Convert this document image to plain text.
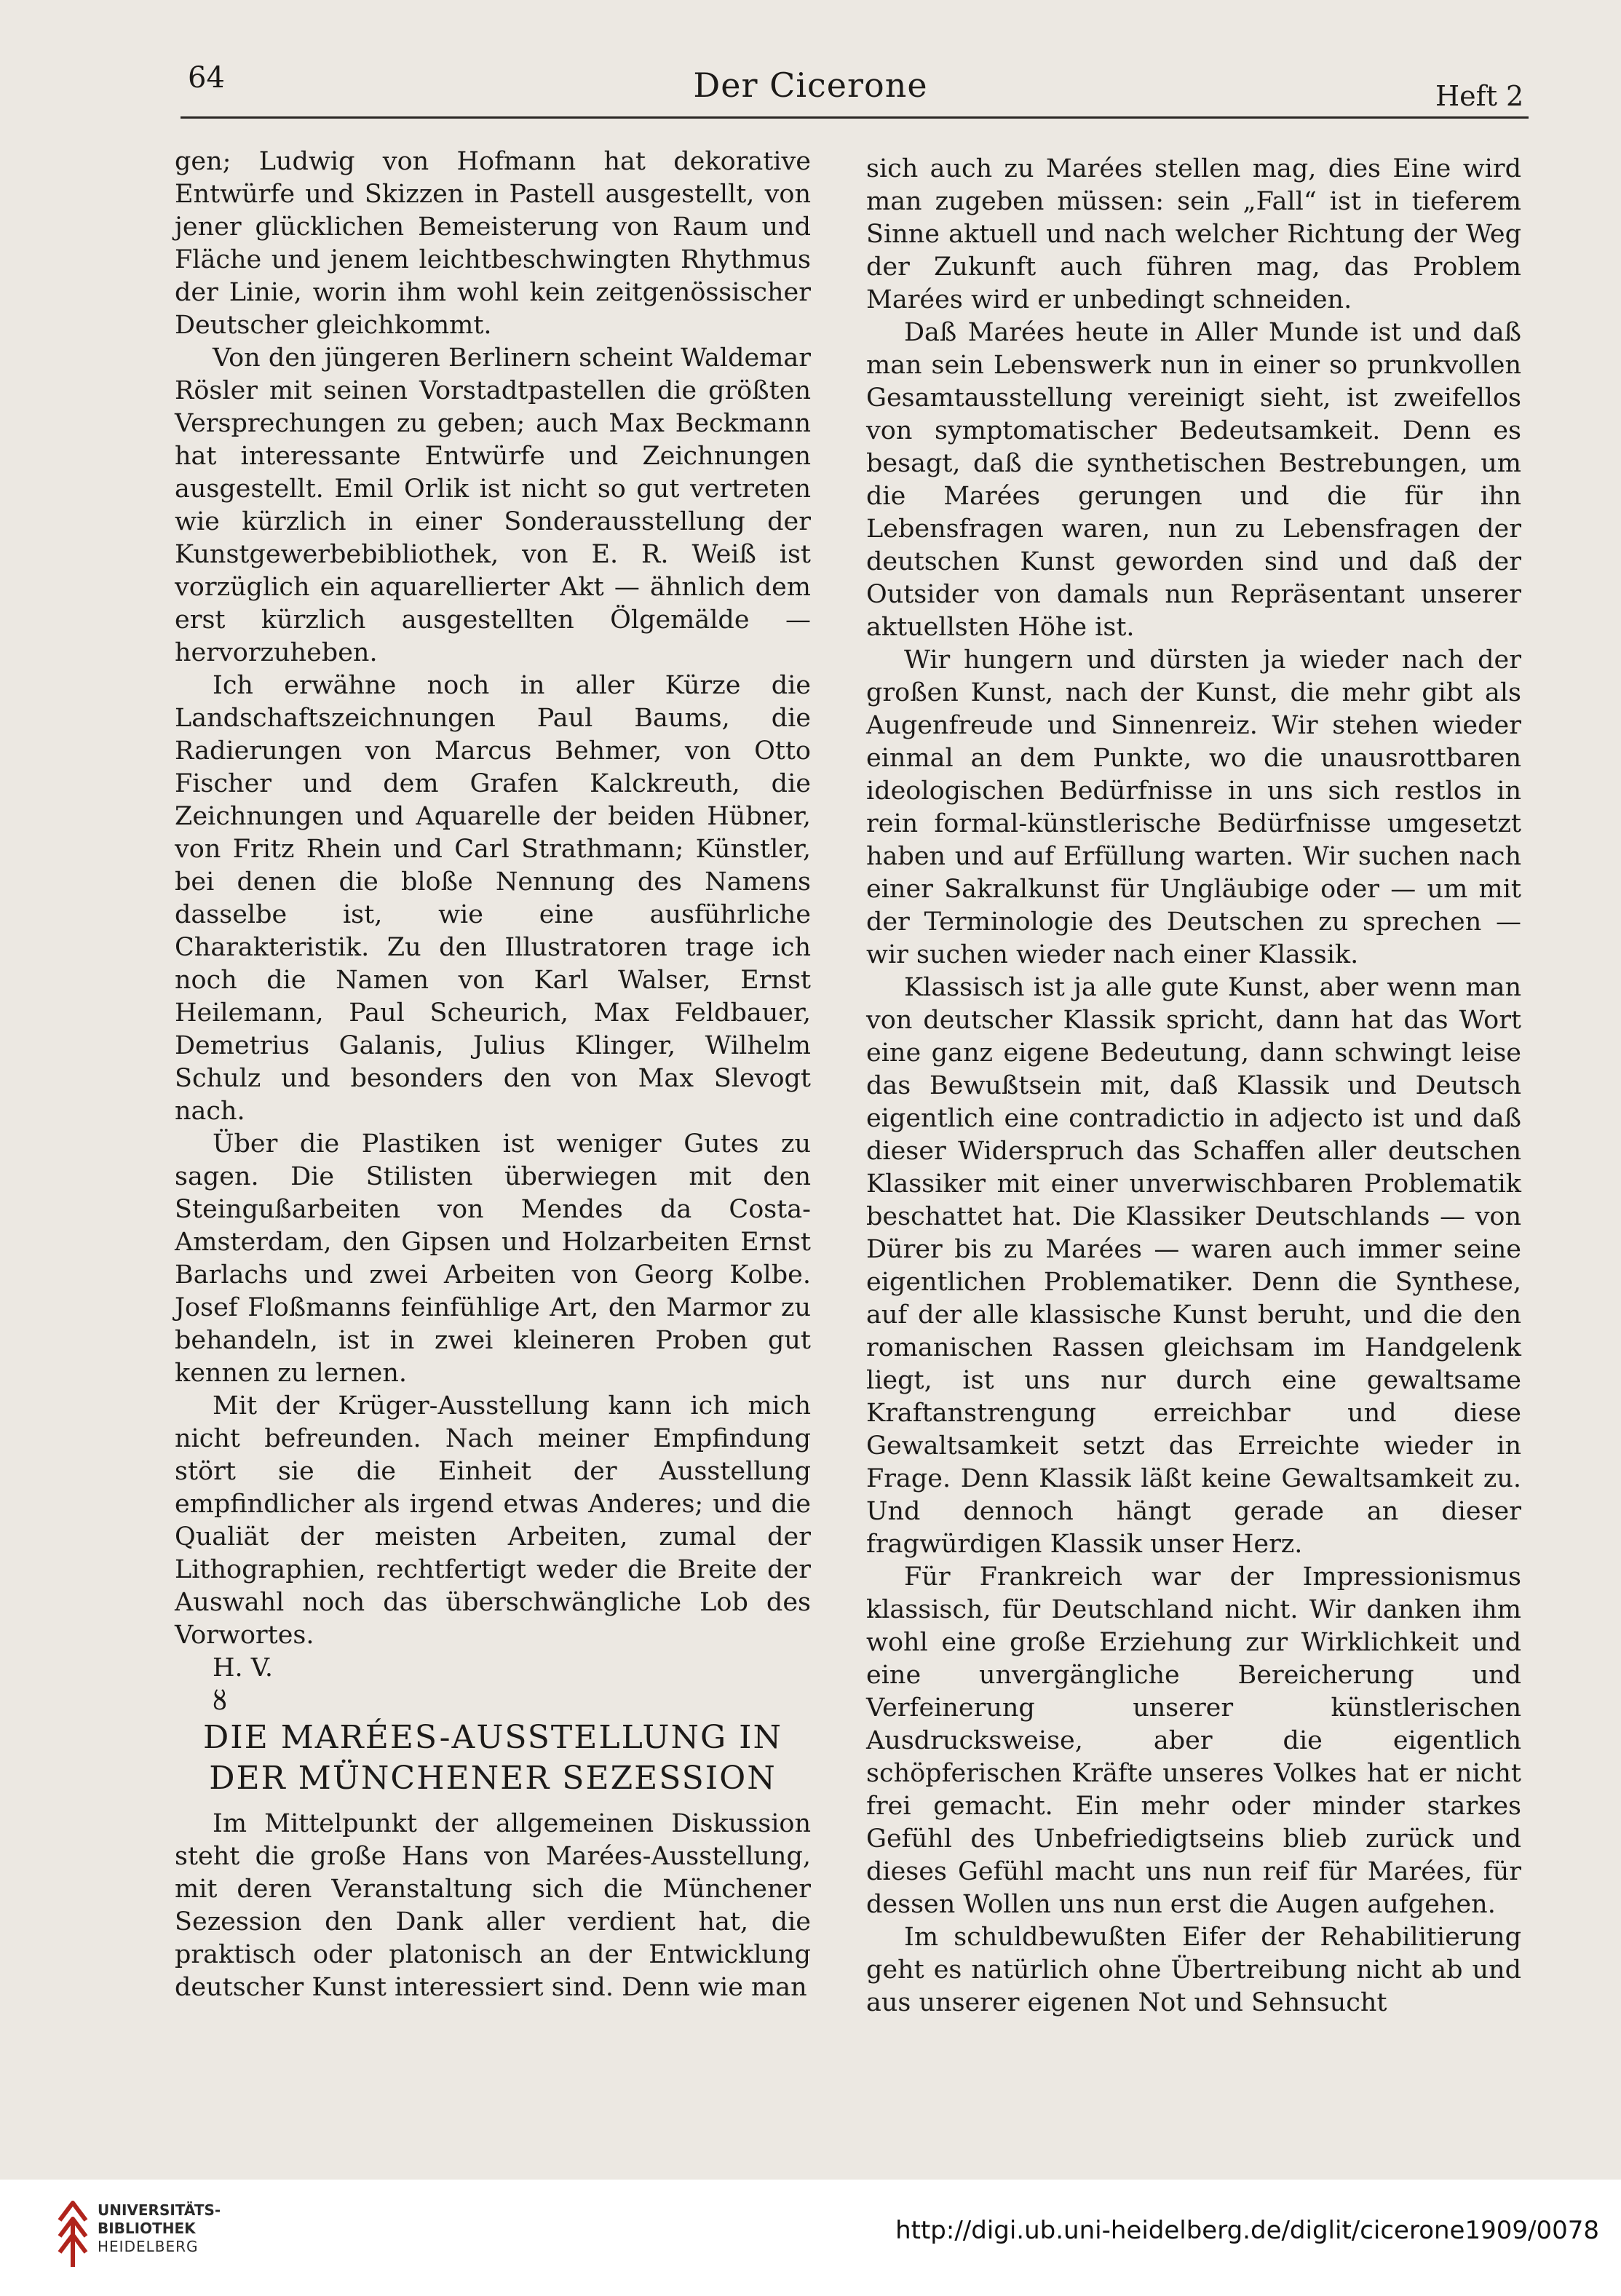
64	Der Cicerone	Heft 2

gen; Ludwig von Hofmann hat dekorative Entwürfe und Skizzen in Pastell ausgestellt, von jener glücklichen Bemeisterung von Raum und Fläche und jenem leichtbeschwingten Rhythmus der Linie, worin ihm wohl kein zeitgenössischer Deutscher gleichkommt.

Von den jüngeren Berlinern scheint Waldemar Rösler mit seinen Vorstadtpastellen die größten Versprechungen zu geben; auch Max Beckmann hat interessante Entwürfe und Zeichnungen ausgestellt. Emil Orlik ist nicht so gut vertreten wie kürzlich in einer Sonderausstellung der Kunstgewerbebibliothek, von E. R. Weiß ist vorzüglich ein aquarellierter Akt — ähnlich dem erst kürzlich ausgestellten Ölgemälde — hervorzuheben.

Ich erwähne noch in aller Kürze die Landschaftszeichnungen Paul Baums, die Radierungen von Marcus Behmer, von Otto Fischer und dem Grafen Kalckreuth, die Zeichnungen und Aquarelle der beiden Hübner, von Fritz Rhein und Carl Strathmann; Künstler, bei denen die bloße Nennung des Namens dasselbe ist, wie eine ausführliche Charakteristik. Zu den Illustratoren trage ich noch die Namen von Karl Walser, Ernst Heilemann, Paul Scheurich, Max Feldbauer, Demetrius Galanis, Julius Klinger, Wilhelm Schulz und besonders den von Max Slevogt nach.

Über die Plastiken ist weniger Gutes zu sagen. Die Stilisten überwiegen mit den Steingußarbeiten von Mendes da Costa-Amsterdam, den Gipsen und Holzarbeiten Ernst Barlachs und zwei Arbeiten von Georg Kolbe. Josef Floßmanns feinfühlige Art, den Marmor zu behandeln, ist in zwei kleineren Proben gut kennen zu lernen.

Mit der Krüger-Ausstellung kann ich mich nicht befreunden. Nach meiner Empfindung stört sie die Einheit der Ausstellung empfindlicher als irgend etwas Anderes; und die Qualiät der meisten Arbeiten, zumal der Lithographien, rechtfertigt weder die Breite der Auswahl noch das überschwängliche Lob des Vorwortes.

H. V.

ȣ

DIE MARÉES-AUSSTELLUNG IN
DER MÜNCHENER SEZESSION

Im Mittelpunkt der allgemeinen Diskussion steht die große Hans von Marées-Ausstellung, mit deren Veranstaltung sich die Münchener Sezession den Dank aller verdient hat, die praktisch oder platonisch an der Entwicklung deutscher Kunst interessiert sind. Denn wie man

sich auch zu Marées stellen mag, dies Eine wird man zugeben müssen: sein „Fall“ ist in tieferem Sinne aktuell und nach welcher Richtung der Weg der Zukunft auch führen mag, das Problem Marées wird er unbedingt schneiden.

Daß Marées heute in Aller Munde ist und daß man sein Lebenswerk nun in einer so prunkvollen Gesamtausstellung vereinigt sieht, ist zweifellos von symptomatischer Bedeutsamkeit. Denn es besagt, daß die synthetischen Bestrebungen, um die Marées gerungen und die für ihn Lebensfragen waren, nun zu Lebensfragen der deutschen Kunst geworden sind und daß der Outsider von damals nun Repräsentant unserer aktuellsten Höhe ist.

Wir hungern und dürsten ja wieder nach der großen Kunst, nach der Kunst, die mehr gibt als Augenfreude und Sinnenreiz. Wir stehen wieder einmal an dem Punkte, wo die unausrottbaren ideologischen Bedürfnisse in uns sich restlos in rein formal-künstlerische Bedürfnisse umgesetzt haben und auf Erfüllung warten. Wir suchen nach einer Sakralkunst für Ungläubige oder — um mit der Terminologie des Deutschen zu sprechen — wir suchen wieder nach einer Klassik.

Klassisch ist ja alle gute Kunst, aber wenn man von deutscher Klassik spricht, dann hat das Wort eine ganz eigene Bedeutung, dann schwingt leise das Bewußtsein mit, daß Klassik und Deutsch eigentlich eine contradictio in adjecto ist und daß dieser Widerspruch das Schaffen aller deutschen Klassiker mit einer unverwischbaren Problematik beschattet hat. Die Klassiker Deutschlands — von Dürer bis zu Marées — waren auch immer seine eigentlichen Problematiker. Denn die Synthese, auf der alle klassische Kunst beruht, und die den romanischen Rassen gleichsam im Handgelenk liegt, ist uns nur durch eine gewaltsame Kraftanstrengung erreichbar und diese Gewaltsamkeit setzt das Erreichte wieder in Frage. Denn Klassik läßt keine Gewaltsamkeit zu. Und dennoch hängt gerade an dieser fragwürdigen Klassik unser Herz.

Für Frankreich war der Impressionismus klassisch, für Deutschland nicht. Wir danken ihm wohl eine große Erziehung zur Wirklichkeit und eine unvergängliche Bereicherung und Verfeinerung unserer künstlerischen Ausdrucksweise, aber die eigentlich schöpferischen Kräfte unseres Volkes hat er nicht frei gemacht. Ein mehr oder minder starkes Gefühl des Unbefriedigtseins blieb zurück und dieses Gefühl macht uns nun reif für Marées, für dessen Wollen uns nun erst die Augen aufgehen.

Im schuldbewußten Eifer der Rehabilitierung geht es natürlich ohne Übertreibung nicht ab und aus unserer eigenen Not und Sehnsucht

UNIVERSITÄTS-
BIBLIOTHEK
HEIDELBERG
http://digi.ub.uni-heidelberg.de/diglit/cicerone1909/0078
